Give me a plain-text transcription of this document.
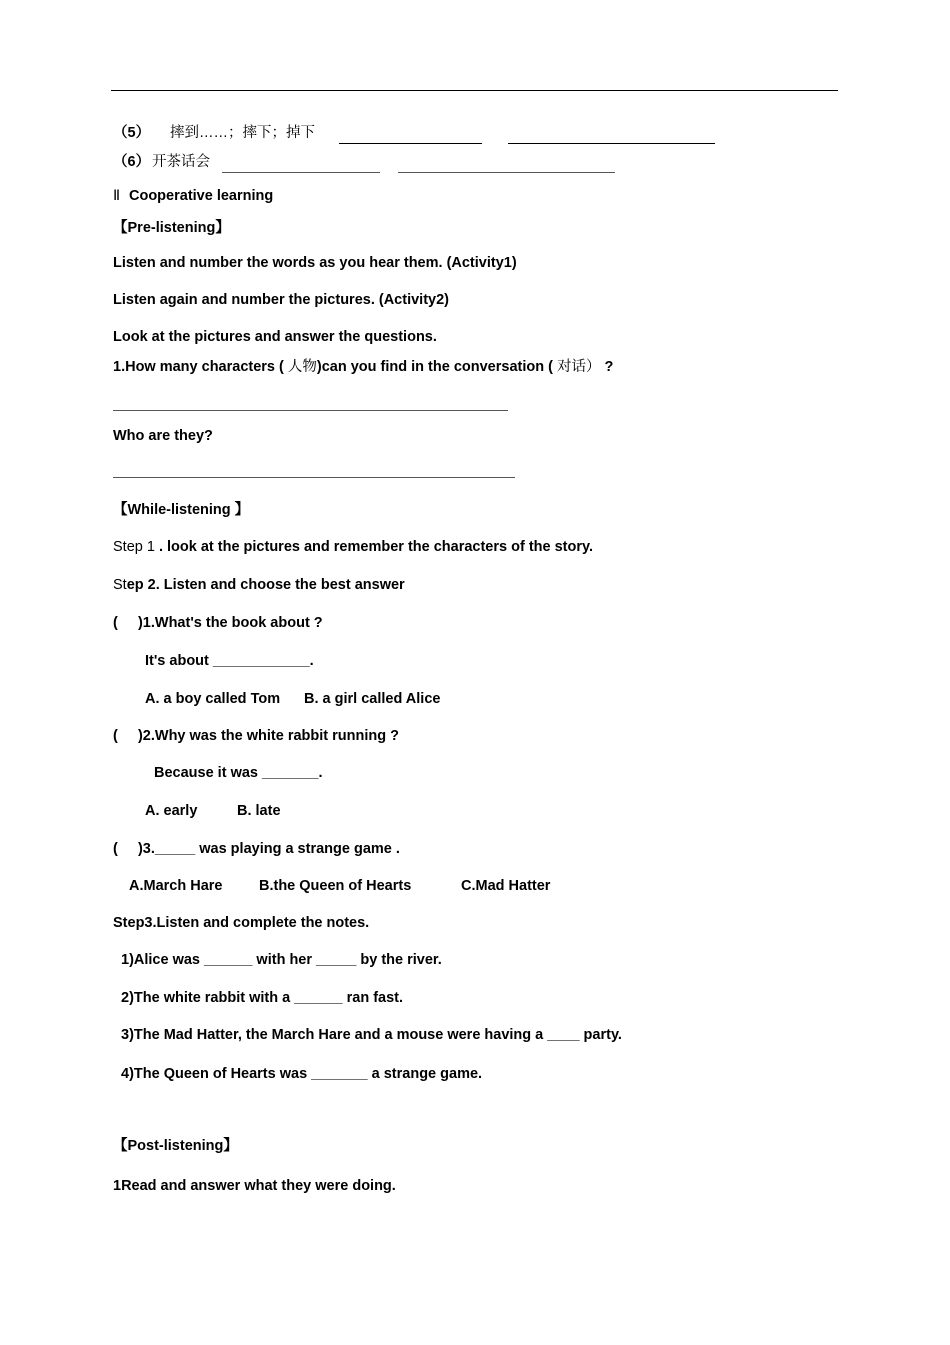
（5） 摔到……；摔下；掉下
（6） 开茶话会
Ⅱ Cooperative learning
【Pre-listening】
Listen and number the words as you hear them. (Activity1)
Listen again and number the pictures. (Activity2)
Look at the pictures and answer the questions.
1.How many characters ( 人物)can you find in the conversation ( 对话） ?
Who are they?
【While-listening 】
Step 1 . look at the pictures and remember the characters of the story.
Step 2. Listen and choose the best answer
(     )1.What's the book about ?
It's about ____________.
A. a boy called Tom B. a girl called Alice
(     )2.Why was the white rabbit running ?
Because it was _______.
A. early	B. late
(     )3._____ was playing a strange game .
A.March Hare	B.the Queen of Hearts	C.Mad Hatter
Step3.Listen and complete the notes.
1)Alice was ______ with her _____ by the river.
2)The white rabbit with a ______ ran fast.
3)The Mad Hatter, the March Hare and a mouse were having a ____ party.
4)The Queen of Hearts was _______ a strange game.
【Post-listening】
1Read and answer what they were doing.
